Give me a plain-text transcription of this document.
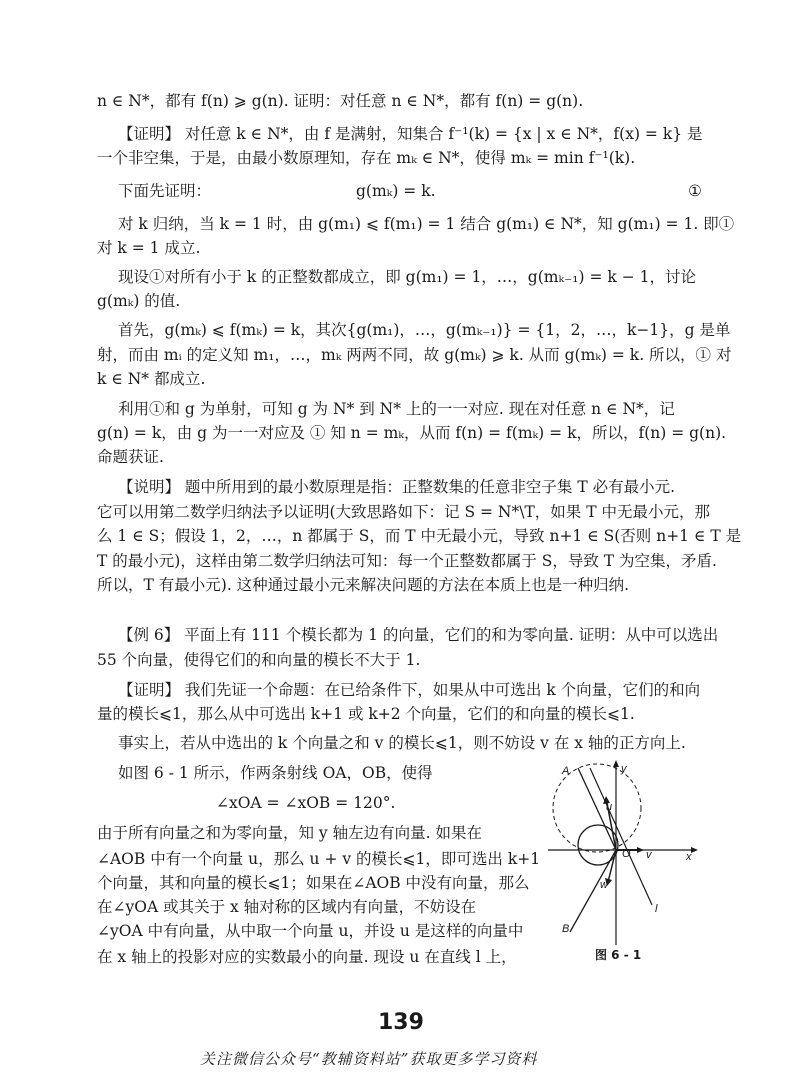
n ∈ N*，都有 f(n) ⩾ g(n). 证明：对任意 n ∈ N*，都有 f(n) = g(n).

【证明】 对任意 k ∈ N*，由 f 是满射，知集合 f⁻¹(k) = {x | x ∈ N*，f(x) = k} 是

一个非空集，于是，由最小数原理知，存在 mₖ ∈ N*，使得 mₖ = min f⁻¹(k).

下面先证明：	g(mₖ) = k.	①

对 k 归纳，当 k = 1 时，由 g(m₁) ⩽ f(m₁) = 1 结合 g(m₁) ∈ N*，知 g(m₁) = 1. 即①

对 k = 1 成立.

现设①对所有小于 k 的正整数都成立，即 g(m₁) = 1，…，g(mₖ₋₁) = k − 1，讨论

g(mₖ) 的值.

首先，g(mₖ) ⩽ f(mₖ) = k，其次{g(m₁)，…，g(mₖ₋₁)} = {1，2，…，k−1}，g 是单

射，而由 mᵢ 的定义知 m₁，…，mₖ 两两不同，故 g(mₖ) ⩾ k. 从而 g(mₖ) = k. 所以，① 对

k ∈ N* 都成立.

利用①和 g 为单射，可知 g 为 N* 到 N* 上的一一对应. 现在对任意 n ∈ N*，记

g(n) = k，由 g 为一一对应及 ① 知 n = mₖ，从而 f(n) = f(mₖ) = k，所以，f(n) = g(n).

命题获证.

【说明】 题中所用到的最小数原理是指：正整数集的任意非空子集 T 必有最小元.

它可以用第二数学归纳法予以证明(大致思路如下：记 S = N*\T，如果 T 中无最小元，那

么 1 ∈ S；假设 1，2，…，n 都属于 S，而 T 中无最小元，导致 n+1 ∈ S(否则 n+1 ∈ T 是

T 的最小元)，这样由第二数学归纳法可知：每一个正整数都属于 S，导致 T 为空集，矛盾.

所以，T 有最小元). 这种通过最小元来解决问题的方法在本质上也是一种归纳.

【例 6】 平面上有 111 个模长都为 1 的向量，它们的和为零向量. 证明：从中可以选出

55 个向量，使得它们的和向量的模长不大于 1.

【证明】 我们先证一个命题：在已给条件下，如果从中可选出 k 个向量，它们的和向

量的模长⩽1，那么从中可选出 k+1 或 k+2 个向量，它们的和向量的模长⩽1.

事实上，若从中选出的 k 个向量之和 v 的模长⩽1，则不妨设 v 在 x 轴的正方向上.

如图 6 - 1 所示，作两条射线 OA，OB，使得

∠xOA = ∠xOB = 120°.

由于所有向量之和为零向量，知 y 轴左边有向量. 如果在

∠AOB 中有一个向量 u，那么 u + v 的模长⩽1，即可选出 k+1

个向量，其和向量的模长⩽1；如果在∠AOB 中没有向量，那么

在∠yOA 或其关于 x 轴对称的区域内有向量，不妨设在

∠yOA 中有向量，从中取一个向量 u，并设 u 是这样的向量中

在 x 轴上的投影对应的实数最小的向量. 现设 u 在直线 l 上，

A	y
u
O v	x
w
l
B
图 6 - 1
139
关注微信公众号“教辅资料站”获取更多学习资料
